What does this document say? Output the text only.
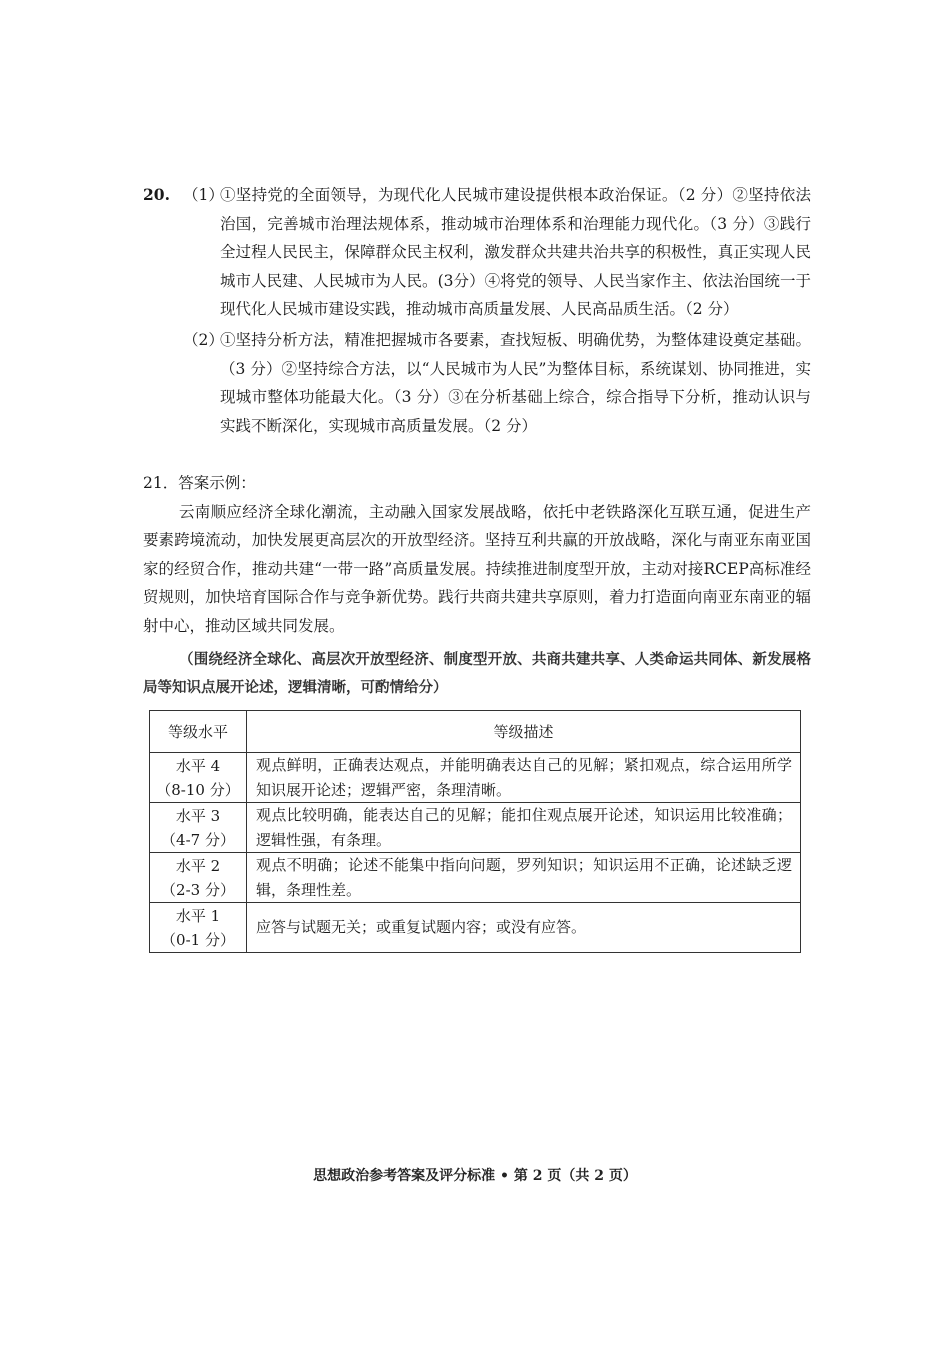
20. （1）
①坚持党的全面领导，为现代化人民城市建设提供根本政治保证。（2 分）②坚持依法治国，完善城市治理法规体系，推动城市治理体系和治理能力现代化。（3 分）③践行全过程人民民主，保障群众民主权利，激发群众共建共治共享的积极性，真正实现人民城市人民建、人民城市为人民。(3分）④将党的领导、人民当家作主、依法治国统一于现代化人民城市建设实践，推动城市高质量发展、人民高品质生活。（2 分）
（2）
①坚持分析方法，精准把握城市各要素，查找短板、明确优势，为整体建设奠定基础。（3 分）②坚持综合方法，以“人民城市为人民”为整体目标，系统谋划、协同推进，实现城市整体功能最大化。（3 分）③在分析基础上综合，综合指导下分析，推动认识与实践不断深化，实现城市高质量发展。（2 分）
21．答案示例：
云南顺应经济全球化潮流，主动融入国家发展战略，依托中老铁路深化互联互通，促进生产要素跨境流动，加快发展更高层次的开放型经济。坚持互利共赢的开放战略，深化与南亚东南亚国家的经贸合作，推动共建“一带一路”高质量发展。持续推进制度型开放，主动对接RCEP高标准经贸规则，加快培育国际合作与竞争新优势。践行共商共建共享原则，着力打造面向南亚东南亚的辐射中心，推动区域共同发展。
（围绕经济全球化、高层次开放型经济、制度型开放、共商共建共享、人类命运共同体、新发展格局等知识点展开论述，逻辑清晰，可酌情给分）
等级水平	等级描述

水平 4
（8-10 分）	观点鲜明，正确表达观点，并能明确表达自己的见解；紧扣观点，综合运用所学知识展开论述；逻辑严密，条理清晰。

水平 3
（4-7 分）	观点比较明确，能表达自己的见解；能扣住观点展开论述，知识运用比较准确；逻辑性强，有条理。

水平 2
（2-3 分）	观点不明确；论述不能集中指向问题，罗列知识；知识运用不正确，论述缺乏逻辑，条理性差。

水平 1
（0-1 分）	应答与试题无关；或重复试题内容；或没有应答。
思想政治参考答案及评分标准 • 第 2 页（共 2 页）
